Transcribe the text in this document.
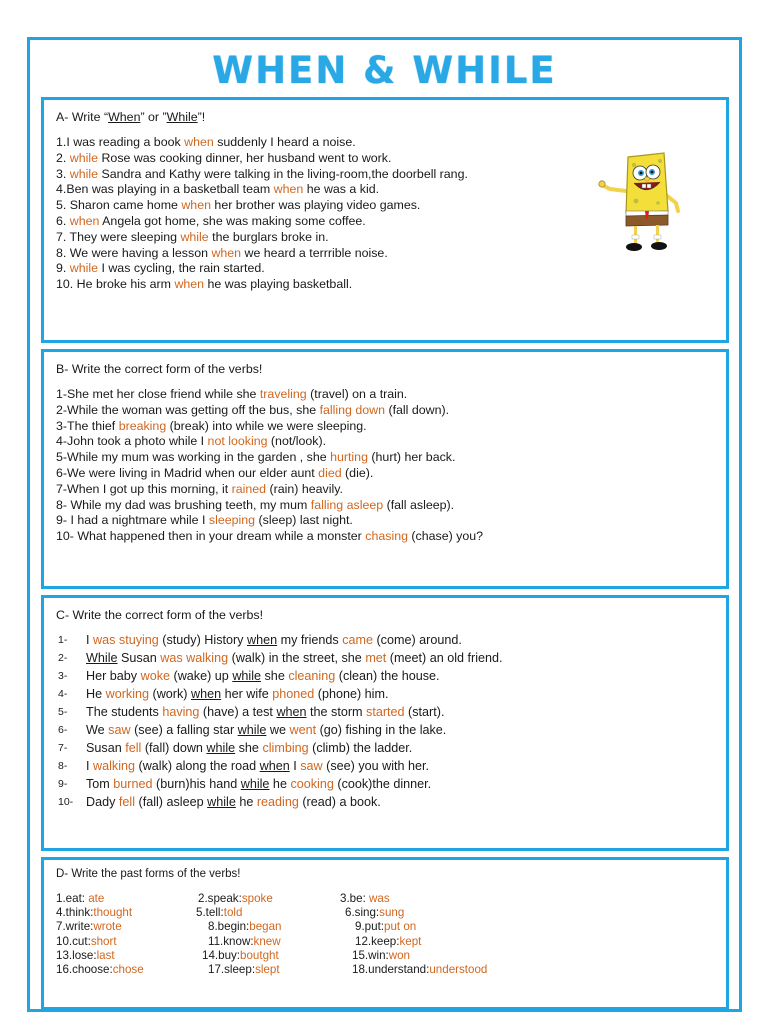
WHEN & WHILE
A- Write “When” or ”While”!
1.I was reading a book when suddenly I heard a noise.
2. while Rose was cooking dinner, her husband went to work.
3. while Sandra and Kathy were talking in the living-room,the doorbell rang.
4.Ben was playing in a basketball team when he was a kid.
5. Sharon came home when her brother was playing video games.
6. when Angela got home, she was making some coffee.
7. They were sleeping while the burglars broke in.
8. We were having a lesson when we heard a terrrible noise.
9. while I was cycling, the rain started.
10. He broke his arm when he was playing basketball.
B- Write the correct form of the verbs!
1-She met her close friend while she traveling (travel) on a train.
2-While the woman was getting off the bus, she falling down (fall down).
3-The thief breaking (break) into while we were sleeping.
4-John took a photo while I not looking (not/look).
5-While my mum was working in the garden , she hurting (hurt) her back.
6-We were living in Madrid when our elder aunt died (die).
7-When I got up this morning, it rained (rain) heavily.
8- While my dad was brushing teeth, my mum falling asleep (fall asleep).
9- I had a nightmare while I sleeping (sleep) last night.
10- What happened then in your dream while a monster chasing (chase) you?
C- Write the correct form of the verbs!
1-	I was stuying (study) History when my friends came (come) around.
2-	While Susan was walking (walk) in the street, she met (meet) an old friend.
3-	Her baby woke (wake) up while she cleaning (clean) the house.
4-	He working (work) when her wife phoned (phone) him.
5-	The students having (have) a test when the storm started (start).
6-	We saw (see) a falling star while we went (go) fishing in the lake.
7-	Susan fell (fall) down while she climbing (climb) the ladder.
8-	I walking (walk) along the road when I saw (see) you with her.
9-	Tom burned (burn)his hand while he cooking (cook)the dinner.
10-	Dady fell (fall) asleep while he reading (read) a book.
D- Write the past forms of the verbs!
1.eat: ate	2.speak:spoke	3.be: was
4.think:thought	5.tell:told	6.sing:sung
7.write:wrote	8.begin:began	9.put:put on
10.cut:short	11.know:knew	12.keep:kept
13.lose:last	14.buy:boutght	15.win:won
16.choose:chose	17.sleep:slept	18.understand:understood
